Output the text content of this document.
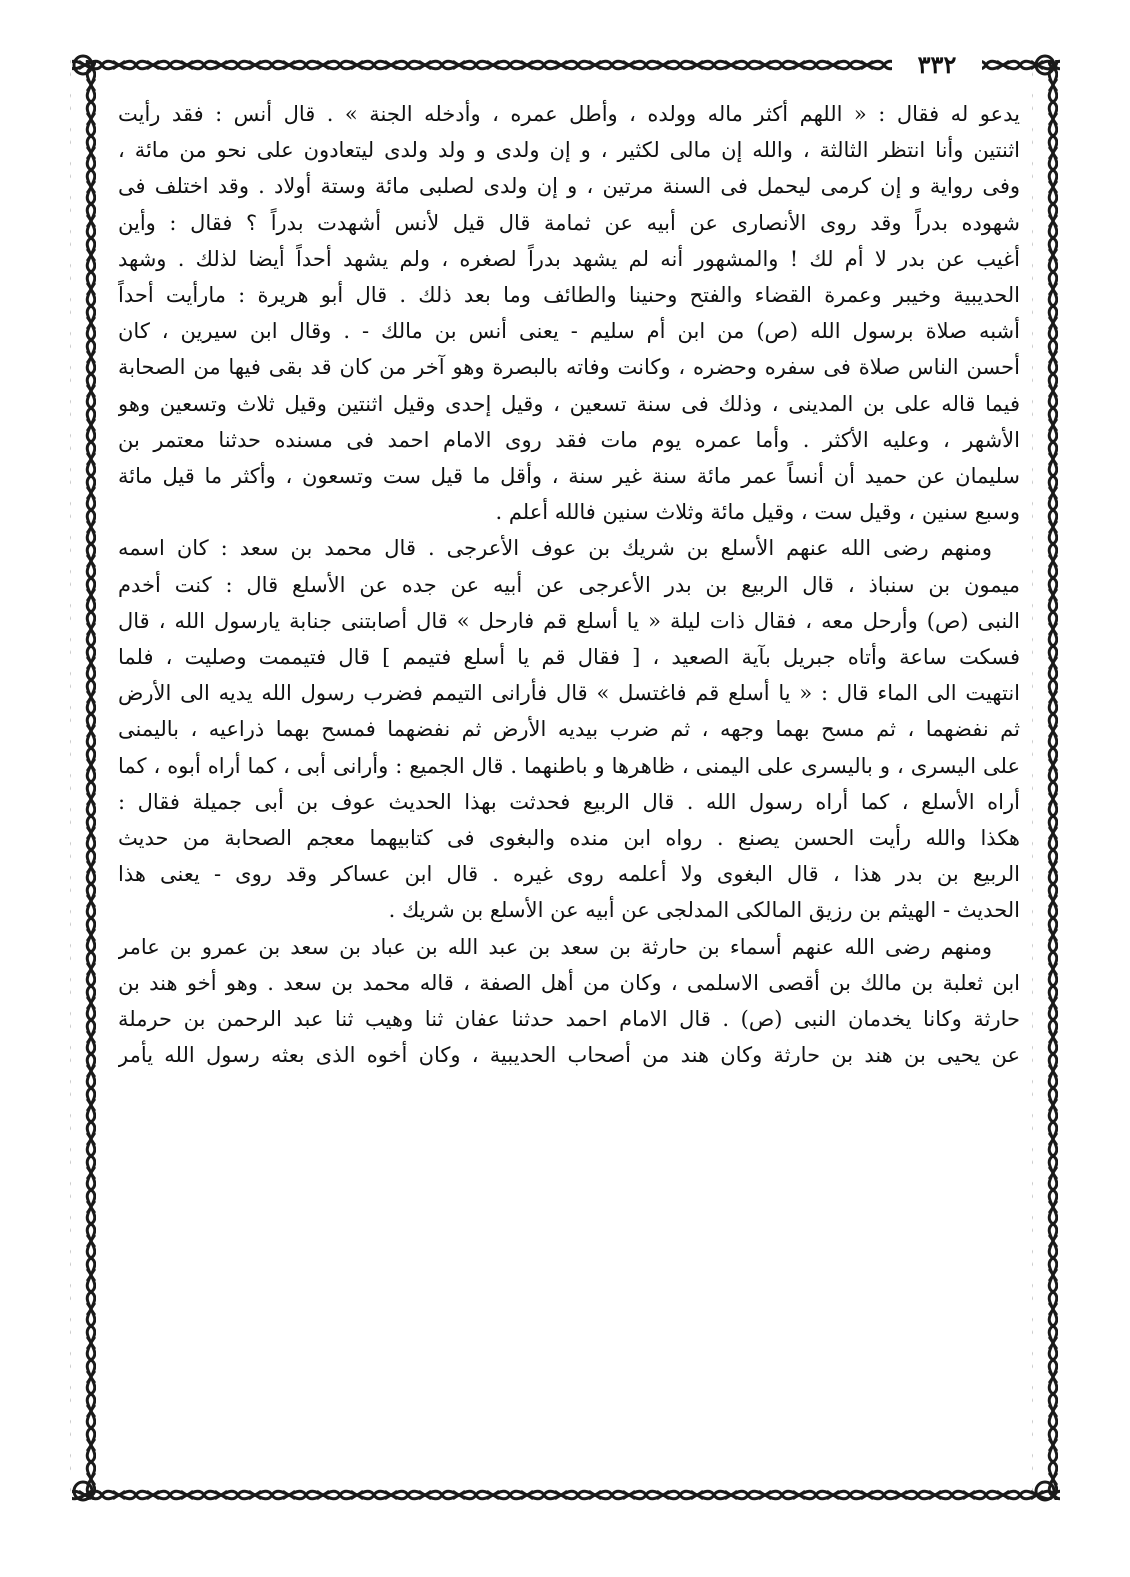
٣٣٢
يدعو له فقال : « اللهم أكثر ماله وولده ، وأطل عمره ، وأدخله الجنة » . قال أنس : فقد رأيت
اثنتين وأنا انتظر الثالثة ، والله إن مالى لكثير ، و إن ولدى و ولد ولدى ليتعادون على نحو من مائة ،
وفى رواية و إن كرمى ليحمل فى السنة مرتين ، و إن ولدى لصلبى مائة وستة أولاد . وقد اختلف فى
شهوده بدراً وقد روى الأنصارى عن أبيه عن ثمامة قال قيل لأنس أشهدت بدراً ؟ فقال : وأين
أغيب عن بدر لا أم لك ! والمشهور أنه لم يشهد بدراً لصغره ، ولم يشهد أحداً أيضا لذلك . وشهد
الحديبية وخيبر وعمرة القضاء والفتح وحنينا والطائف وما بعد ذلك . قال أبو هريرة : مارأيت أحداً
أشبه صلاة برسول الله (ص) من ابن أم سليم - يعنى أنس بن مالك - . وقال ابن سيرين ، كان
أحسن الناس صلاة فى سفره وحضره ، وكانت وفاته بالبصرة وهو آخر من كان قد بقى فيها من الصحابة
فيما قاله على بن المدينى ، وذلك فى سنة تسعين ، وقيل إحدى وقيل اثنتين وقيل ثلاث وتسعين وهو
الأشهر ، وعليه الأكثر . وأما عمره يوم مات فقد روى الامام احمد فى مسنده حدثنا معتمر بن
سليمان عن حميد أن أنساً عمر مائة سنة غير سنة ، وأقل ما قيل ست وتسعون ، وأكثر ما قيل مائة
وسبع سنين ، وقيل ست ، وقيل مائة وثلاث سنين فالله أعلم .
ومنهم رضى الله عنهم الأسلع بن شريك بن عوف الأعرجى . قال محمد بن سعد : كان اسمه
ميمون بن سنباذ ، قال الربيع بن بدر الأعرجى عن أبيه عن جده عن الأسلع قال : كنت أخدم
النبى (ص) وأرحل معه ، فقال ذات ليلة « يا أسلع قم فارحل » قال أصابتنى جنابة يارسول الله ، قال
فسكت ساعة وأتاه جبريل بآية الصعيد ، [ فقال قم يا أسلع فتيمم ] قال فتيممت وصليت ، فلما
انتهيت الى الماء قال : « يا أسلع قم فاغتسل » قال فأرانى التيمم فضرب رسول الله يديه الى الأرض
ثم نفضهما ، ثم مسح بهما وجهه ، ثم ضرب بيديه الأرض ثم نفضهما فمسح بهما ذراعيه ، باليمنى
على اليسرى ، و باليسرى على اليمنى ، ظاهرها و باطنهما . قال الجميع : وأرانى أبى ، كما أراه أبوه ، كما
أراه الأسلع ، كما أراه رسول الله . قال الربيع فحدثت بهذا الحديث عوف بن أبى جميلة فقال :
هكذا والله رأيت الحسن يصنع . رواه ابن منده والبغوى فى كتابيهما معجم الصحابة من حديث
الربيع بن بدر هذا ، قال البغوى ولا أعلمه روى غيره . قال ابن عساكر وقد روى - يعنى هذا
الحديث - الهيثم بن رزيق المالكى المدلجى عن أبيه عن الأسلع بن شريك .
ومنهم رضى الله عنهم أسماء بن حارثة بن سعد بن عبد الله بن عباد بن سعد بن عمرو بن عامر
ابن ثعلبة بن مالك بن أقصى الاسلمى ، وكان من أهل الصفة ، قاله محمد بن سعد . وهو أخو هند بن
حارثة وكانا يخدمان النبى (ص) . قال الامام احمد حدثنا عفان ثنا وهيب ثنا عبد الرحمن بن حرملة
عن يحيى بن هند بن حارثة وكان هند من أصحاب الحديبية ، وكان أخوه الذى بعثه رسول الله يأمر
